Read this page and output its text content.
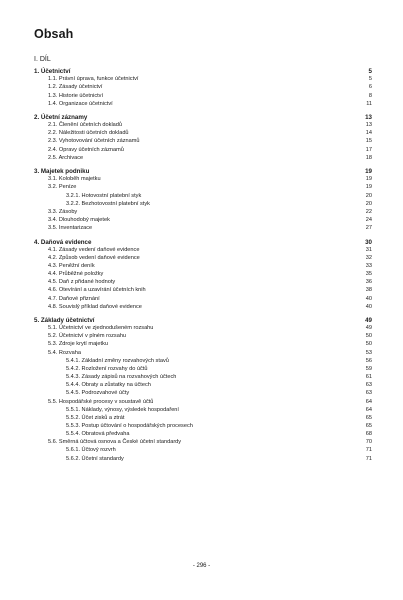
Obsah
I. DÍL
1. Účetnictví	5
1.1. Právní úprava, funkce účetnictví	5
1.2. Zásady účetnictví	6
1.3. Historie účetnictví	8
1.4. Organizace účetnictví	11
2. Účetní záznamy	13
2.1. Členění účetních dokladů	13
2.2. Náležitosti účetních dokladů	14
2.3. Vyhotovování účetních záznamů	15
2.4. Opravy účetních záznamů	17
2.5. Archivace	18
3. Majetek podniku	19
3.1. Koloběh majetku	19
3.2. Peníze	19
3.2.1. Hotovostní platební styk	20
3.2.2. Bezhotovostní platební styk	20
3.3. Zásoby	22
3.4. Dlouhodobý majetek	24
3.5. Inventarizace	27
4. Daňová evidence	30
4.1. Zásady vedení daňové evidence	31
4.2. Způsob vedení daňové evidence	32
4.3. Peněžní deník	33
4.4. Průběžné položky	35
4.5. Daň z přidané hodnoty	36
4.6. Otevírání a uzavírání účetních knih	38
4.7. Daňové přiznání	40
4.8. Souvislý příklad daňové evidence	40
5. Základy účetnictví	49
5.1. Účetnictví ve zjednodušeném rozsahu	49
5.2. Účetnictví v plném rozsahu	50
5.3. Zdroje krytí majetku	50
5.4. Rozvaha	53
5.4.1. Základní změny rozvahových stavů	56
5.4.2. Rozložení rozvahy do účtů	59
5.4.3. Zásady zápisů na rozvahových účtech	61
5.4.4. Obraty a zůstatky na účtech	63
5.4.5. Podrozvahové účty	63
5.5. Hospodářské procesy v soustavě účtů	64
5.5.1. Náklady, výnosy, výsledek hospodaření	64
5.5.2. Účet zisků a ztrát	65
5.5.3. Postup účtování o hospodářských procesech	65
5.5.4. Obratová předvaha	68
5.6. Směrná účtová osnova a České účetní standardy	70
5.6.1. Účtový rozvrh	71
5.6.2. Účetní standardy	71
- 296 -
